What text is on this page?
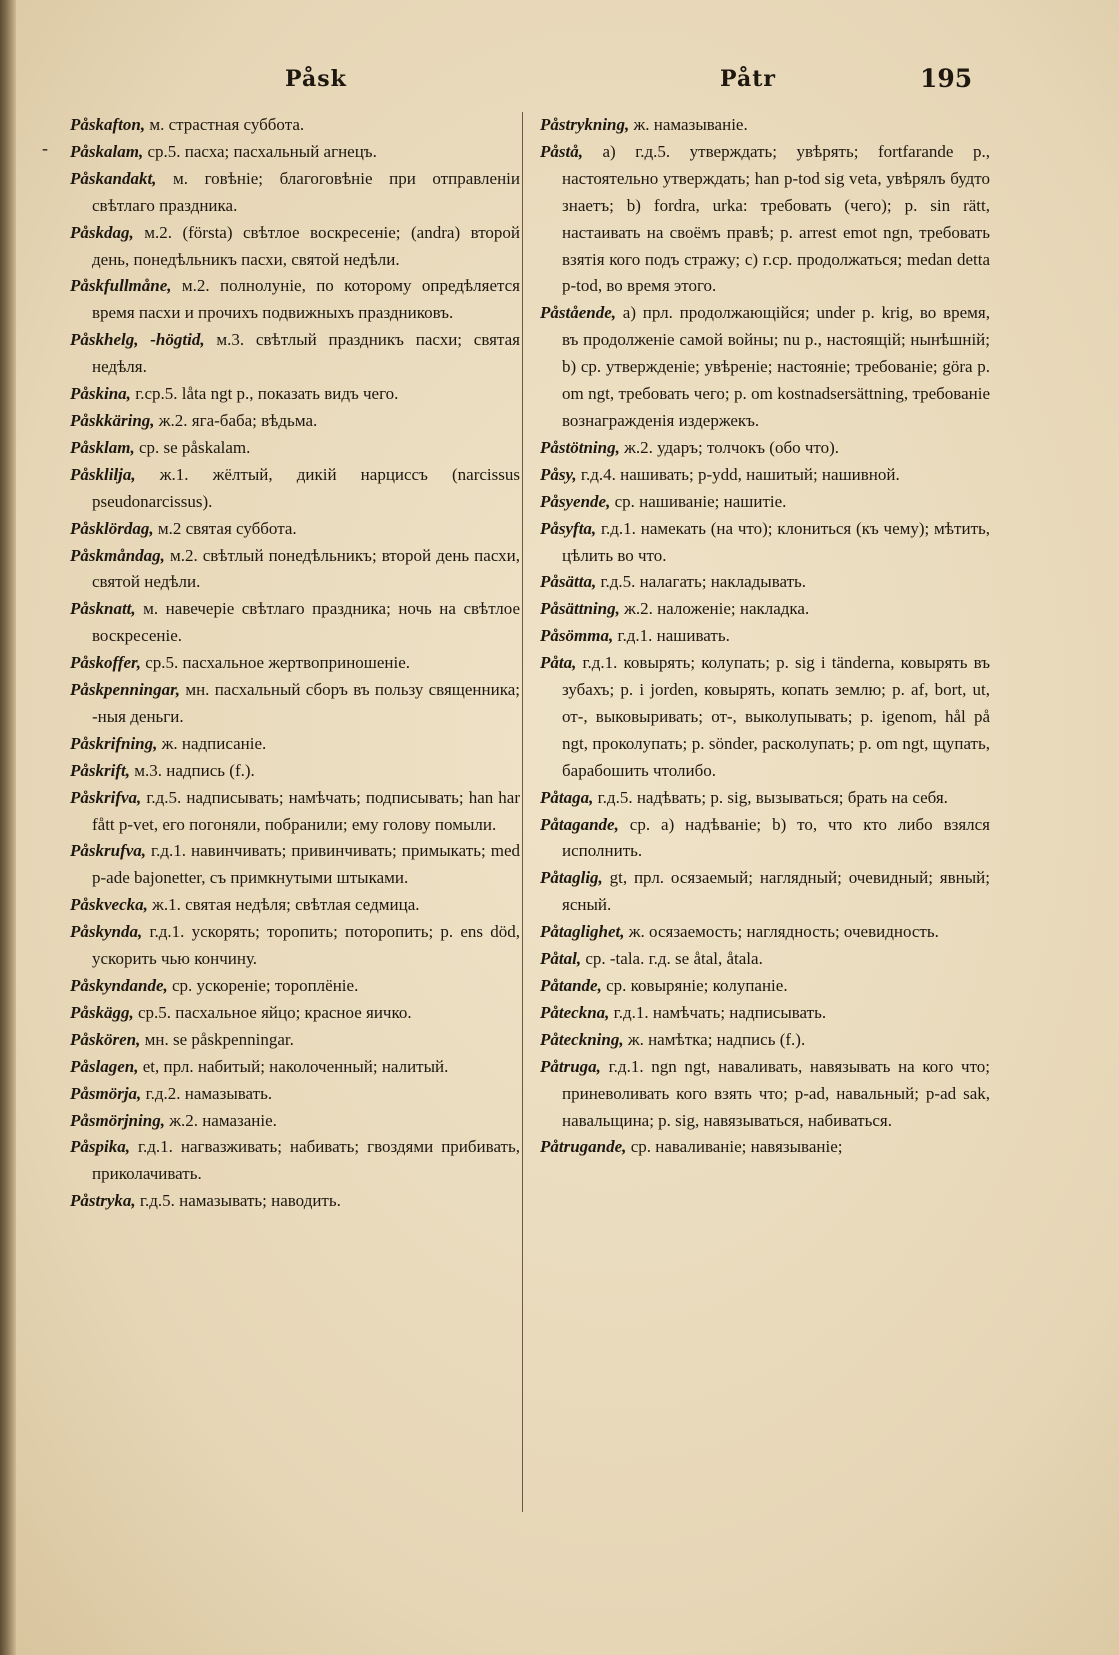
Påsk	Påtr	195
-

Påskafton, м. страстная суббота.

Påskalam, ср.5. пасха; пасхальный агнецъ.

Påskandakt, м. говѣніе; благоговѣніе при отправленіи свѣтлаго праздника.

Påskdag, м.2. (första) свѣтлое воскресеніе; (andra) второй день, понедѣльникъ пасхи, святой недѣли.

Påskfullmåne, м.2. полнолуніе, по которому опредѣляется время пасхи и прочихъ подвижныхъ праздниковъ.

Påskhelg, -högtid, м.3. свѣтлый праздникъ пасхи; святая недѣля.

Påskina, г.ср.5. låta ngt p., показать видъ чего.

Påskkäring, ж.2. яга-баба; вѣдьма.

Påsklam, ср. se påskalam.

Påsklilja, ж.1. жёлтый, дикій нарциссъ (narcissus pseudonarcissus).

Påsklördag, м.2 святая суббота.

Påskmåndag, м.2. свѣтлый понедѣльникъ; второй день пасхи, святой недѣли.

Påsknatt, м. навечеріе свѣтлаго праздника; ночь на свѣтлое воскресеніе.

Påskoffer, ср.5. пасхальное жертвоприношеніе.

Påskpenningar, мн. пасхальный сборъ въ пользу священника; -ныя деньги.

Påskrifning, ж. надписаніе.

Påskrift, м.3. надпись (f.).

Påskrifva, г.д.5. надписывать; намѣчать; подписывать; han har fått p-vet, его погоняли, побранили; ему голову помыли.

Påskrufva, г.д.1. навинчивать; привинчивать; примыкать; med p-ade bajonetter, съ примкнутыми штыками.

Påskvecka, ж.1. святая недѣля; свѣтлая седмица.

Påskynda, г.д.1. ускорять; торопить; поторопить; p. ens död, ускорить чью кончину.

Påskyndande, ср. ускореніе; тороплёніе.

Påskägg, ср.5. пасхальное яйцо; красное яичко.

Påskören, мн. se påskpenningar.

Påslagen, et, прл. набитый; наколоченный; налитый.

Påsmörja, г.д.2. намазывать.

Påsmörjning, ж.2. намазаніе.

Påspika, г.д.1. нагвазживать; набивать; гвоздями прибивать, приколачивать.

Påstryka, г.д.5. намазывать; наводить.

Påstrykning, ж. намазываніе.

Påstå, а) г.д.5. утверждать; увѣрять; fortfarande p., настоятельно утверждать; han p-tod sig veta, увѣрялъ будто знаетъ; b) fordra, urka: требовать (чего); p. sin rätt, настаивать на своёмъ правѣ; p. arrest emot ngn, требовать взятія кого подъ стражу; c) г.ср. продолжаться; medan detta p-tod, во время этого.

Påstående, а) прл. продолжающійся; under p. krig, во время, въ продолженіе самой войны; nu p., настоящій; нынѣшній; b) ср. утвержденіе; увѣреніе; настояніе; требованіе; göra p. om ngt, требовать чего; p. om kostnadsersättning, требованіе вознагражденія издержекъ.

Påstötning, ж.2. ударъ; толчокъ (обо что).

Påsy, г.д.4. нашивать; p-ydd, нашитый; нашивной.

Påsyende, ср. нашиваніе; нашитіе.

Påsyfta, г.д.1. намекать (на что); клониться (къ чему); мѣтить, цѣлить во что.

Påsätta, г.д.5. налагать; накладывать.

Påsättning, ж.2. наложеніе; накладка.

Påsömma, г.д.1. нашивать.

Påta, г.д.1. ковырять; колупать; p. sig i tänderna, ковырять въ зубахъ; p. i jorden, ковырять, копать землю; p. af, bort, ut, от-, выковыривать; от-, выколупывать; p. igenom, hål på ngt, проколупать; p. sönder, расколупать; p. om ngt, щупать, барабошить чтолибо.

Påtaga, г.д.5. надѣвать; p. sig, вызываться; брать на себя.

Påtagande, ср. а) надѣваніе; b) то, что кто либо взялся исполнить.

Påtaglig, gt, прл. осязаемый; наглядный; очевидный; явный; ясный.

Påtaglighet, ж. осязаемость; наглядность; очевидность.

Påtal, ср. -tala. г.д. se åtal, åtala.

Påtande, ср. ковыряніе; колупаніе.

Påteckna, г.д.1. намѣчать; надписывать.

Påteckning, ж. намѣтка; надпись (f.).

Påtruga, г.д.1. ngn ngt, навaливать, навязывать на кого что; приневоливать кого взять что; p-ad, навальный; p-ad sak, навальщина; p. sig, навязываться, набиваться.

Påtrugande, ср. наваливаніе; навязываніе;
